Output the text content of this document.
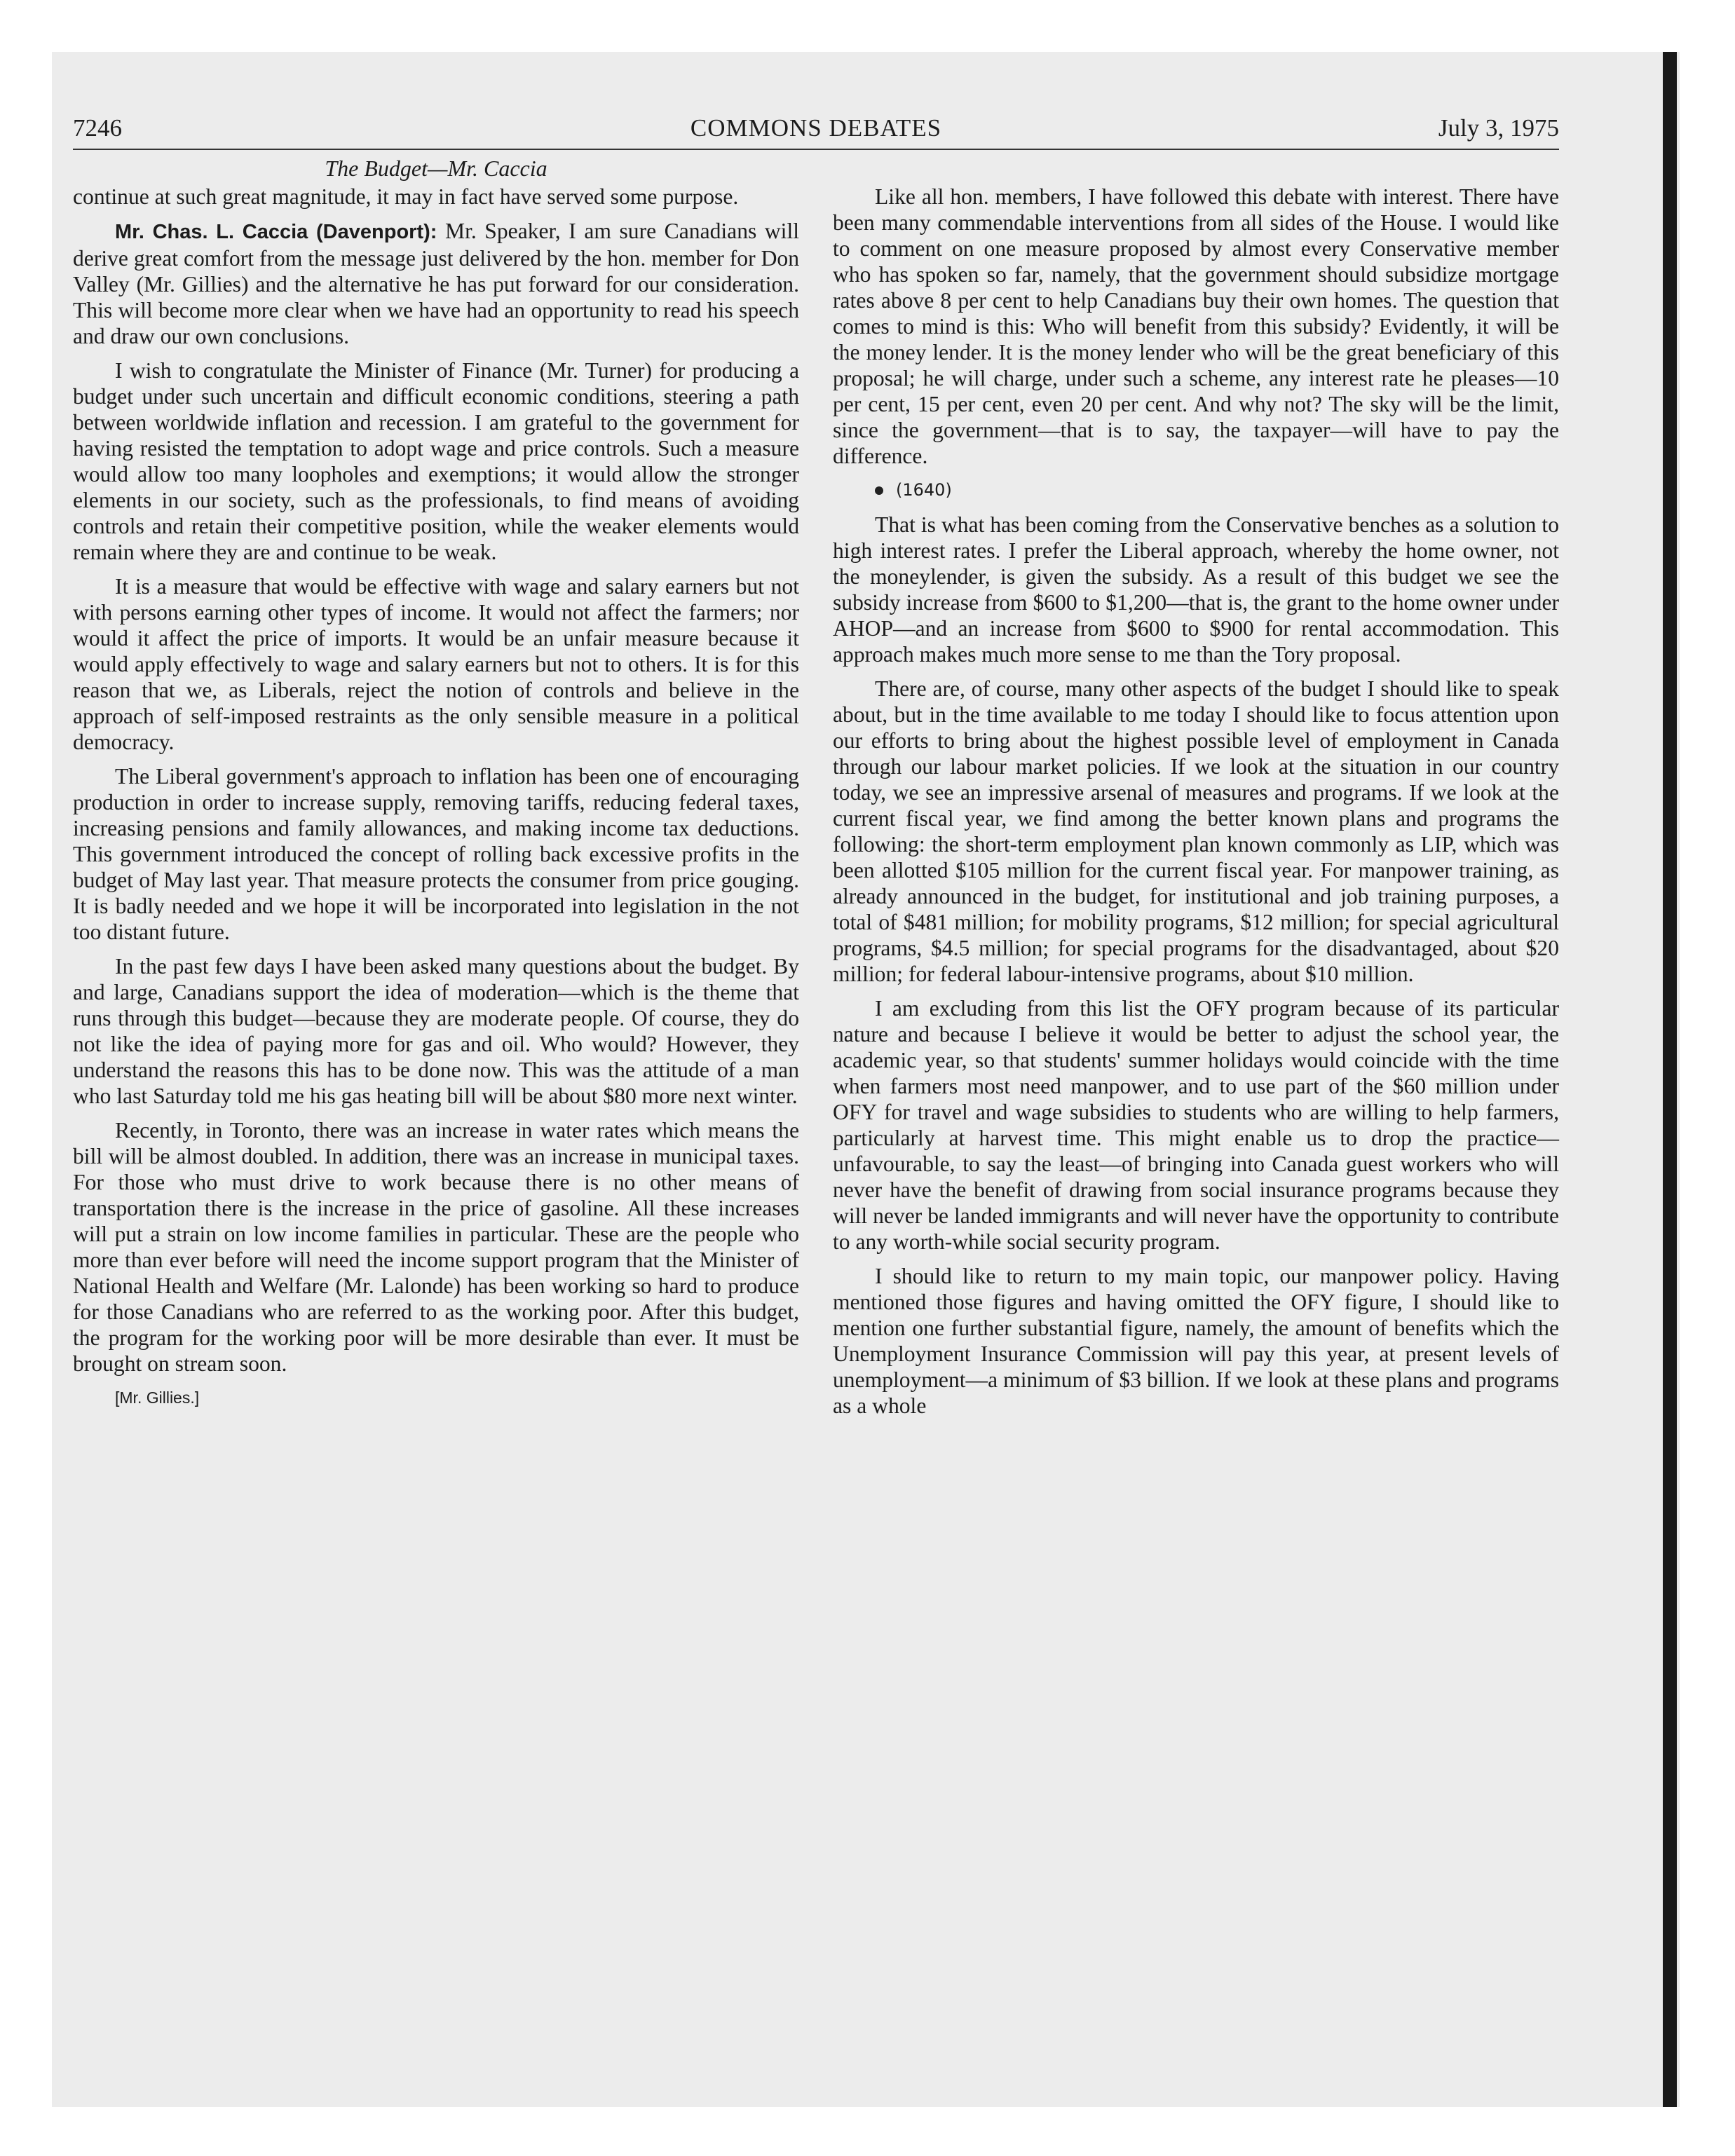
7246	COMMONS DEBATES	July 3, 1975
The Budget—Mr. Caccia

continue at such great magnitude, it may in fact have served some purpose.

Mr. Chas. L. Caccia (Davenport): Mr. Speaker, I am sure Canadians will derive great comfort from the message just delivered by the hon. member for Don Valley (Mr. Gillies) and the alternative he has put forward for our consideration. This will become more clear when we have had an opportunity to read his speech and draw our own conclusions.

I wish to congratulate the Minister of Finance (Mr. Turner) for producing a budget under such uncertain and difficult economic conditions, steering a path between worldwide inflation and recession. I am grateful to the government for having resisted the temptation to adopt wage and price controls. Such a measure would allow too many loopholes and exemptions; it would allow the stronger elements in our society, such as the professionals, to find means of avoiding controls and retain their competitive position, while the weaker elements would remain where they are and continue to be weak.

It is a measure that would be effective with wage and salary earners but not with persons earning other types of income. It would not affect the farmers; nor would it affect the price of imports. It would be an unfair measure because it would apply effectively to wage and salary earners but not to others. It is for this reason that we, as Liberals, reject the notion of controls and believe in the approach of self-imposed restraints as the only sensible measure in a political democracy.

The Liberal government's approach to inflation has been one of encouraging production in order to increase supply, removing tariffs, reducing federal taxes, increasing pensions and family allowances, and making income tax deductions. This government introduced the concept of rolling back excessive profits in the budget of May last year. That measure protects the consumer from price gouging. It is badly needed and we hope it will be incorporated into legislation in the not too distant future.

In the past few days I have been asked many questions about the budget. By and large, Canadians support the idea of moderation—which is the theme that runs through this budget—because they are moderate people. Of course, they do not like the idea of paying more for gas and oil. Who would? However, they understand the reasons this has to be done now. This was the attitude of a man who last Saturday told me his gas heating bill will be about $80 more next winter.

Recently, in Toronto, there was an increase in water rates which means the bill will be almost doubled. In addition, there was an increase in municipal taxes. For those who must drive to work because there is no other means of transportation there is the increase in the price of gasoline. All these increases will put a strain on low income families in particular. These are the people who more than ever before will need the income support program that the Minister of National Health and Welfare (Mr. Lalonde) has been working so hard to produce for those Canadians who are referred to as the working poor. After this budget, the program for the working poor will be more desirable than ever. It must be brought on stream soon.

[Mr. Gillies.]

Like all hon. members, I have followed this debate with interest. There have been many commendable interventions from all sides of the House. I would like to comment on one measure proposed by almost every Conservative member who has spoken so far, namely, that the government should subsidize mortgage rates above 8 per cent to help Canadians buy their own homes. The question that comes to mind is this: Who will benefit from this subsidy? Evidently, it will be the money lender. It is the money lender who will be the great beneficiary of this proposal; he will charge, under such a scheme, any interest rate he pleases—10 per cent, 15 per cent, even 20 per cent. And why not? The sky will be the limit, since the government—that is to say, the taxpayer—will have to pay the difference.

(1640)

That is what has been coming from the Conservative benches as a solution to high interest rates. I prefer the Liberal approach, whereby the home owner, not the moneylender, is given the subsidy. As a result of this budget we see the subsidy increase from $600 to $1,200—that is, the grant to the home owner under AHOP—and an increase from $600 to $900 for rental accommodation. This approach makes much more sense to me than the Tory proposal.

There are, of course, many other aspects of the budget I should like to speak about, but in the time available to me today I should like to focus attention upon our efforts to bring about the highest possible level of employment in Canada through our labour market policies. If we look at the situation in our country today, we see an impressive arsenal of measures and programs. If we look at the current fiscal year, we find among the better known plans and programs the following: the short-term employment plan known commonly as LIP, which was been allotted $105 million for the current fiscal year. For manpower training, as already announced in the budget, for institutional and job training purposes, a total of $481 million; for mobility programs, $12 million; for special agricultural programs, $4.5 million; for special programs for the disadvantaged, about $20 million; for federal labour-intensive programs, about $10 million.

I am excluding from this list the OFY program because of its particular nature and because I believe it would be better to adjust the school year, the academic year, so that students' summer holidays would coincide with the time when farmers most need manpower, and to use part of the $60 million under OFY for travel and wage subsidies to students who are willing to help farmers, particularly at harvest time. This might enable us to drop the practice—unfavourable, to say the least—of bringing into Canada guest workers who will never have the benefit of drawing from social insurance programs because they will never be landed immigrants and will never have the opportunity to contribute to any worth-while social security program.

I should like to return to my main topic, our manpower policy. Having mentioned those figures and having omitted the OFY figure, I should like to mention one further substantial figure, namely, the amount of benefits which the Unemployment Insurance Commission will pay this year, at present levels of unemployment—a minimum of $3 billion. If we look at these plans and programs as a whole
